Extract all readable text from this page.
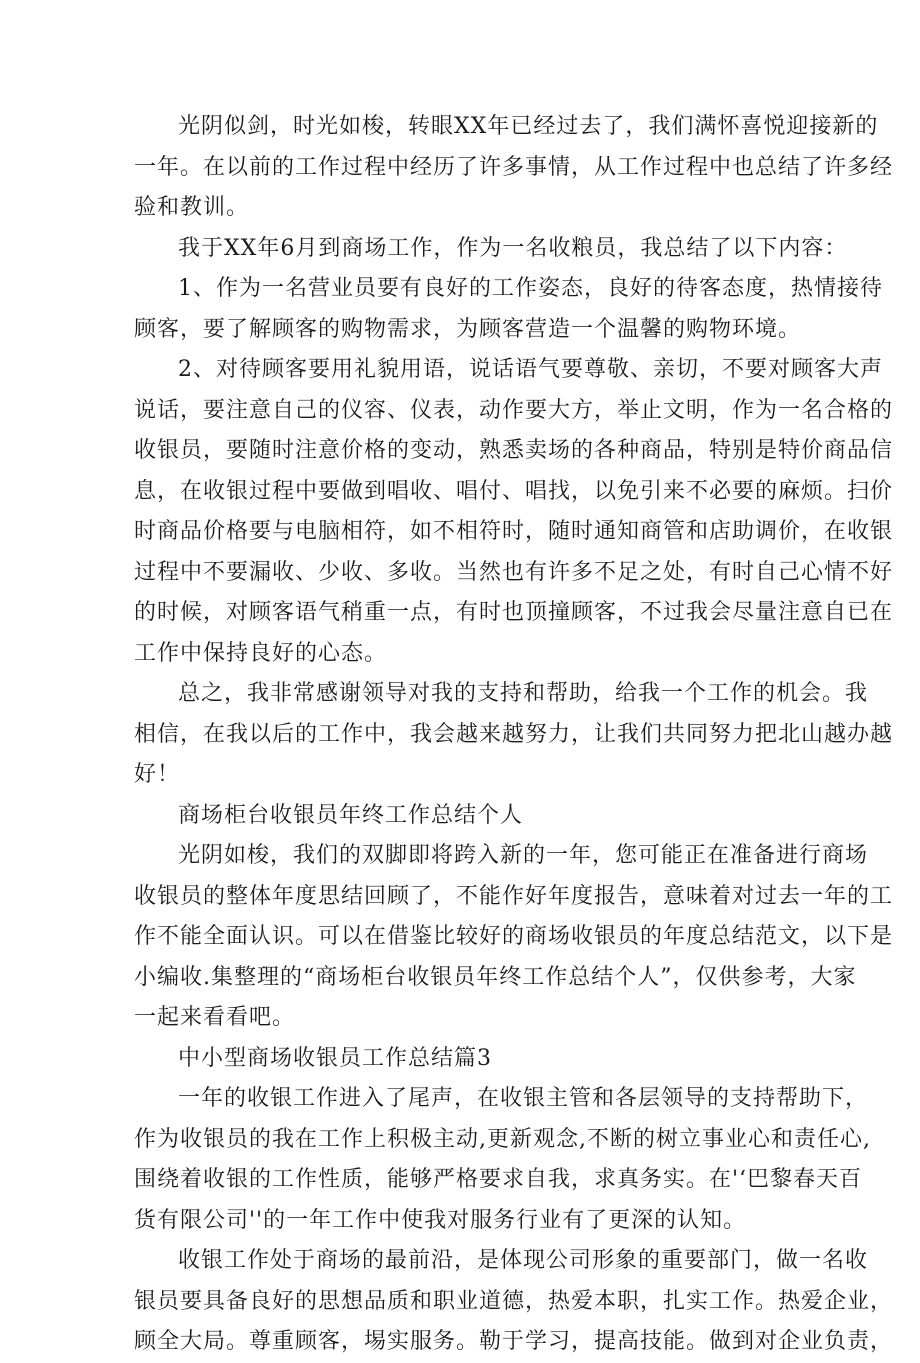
光阴似剑，时光如梭，转眼XX年已经过去了，我们满怀喜悦迎接新的
一年。在以前的工作过程中经历了许多事情，从工作过程中也总结了许多经
验和教训。
我于XX年6月到商场工作，作为一名收粮员，我总结了以下内容：
1、作为一名营业员要有良好的工作姿态，良好的待客态度，热情接待
顾客，要了解顾客的购物需求，为顾客营造一个温馨的购物环境。
2、对待顾客要用礼貌用语，说话语气要尊敬、亲切，不要对顾客大声
说话，要注意自己的仪容、仪表，动作要大方，举止文明，作为一名合格的
收银员，要随时注意价格的变动，熟悉卖场的各种商品，特别是特价商品信
息，在收银过程中要做到唱收、唱付、唱找，以免引来不必要的麻烦。扫价
时商品价格要与电脑相符，如不相符时，随时通知商管和店助调价，在收银
过程中不要漏收、少收、多收。当然也有许多不足之处，有时自己心情不好
的时候，对顾客语气稍重一点，有时也顶撞顾客，不过我会尽量注意自已在
工作中保持良好的心态。
总之，我非常感谢领导对我的支持和帮助，给我一个工作的机会。我
相信，在我以后的工作中，我会越来越努力，让我们共同努力把北山越办越
好！
商场柜台收银员年终工作总结个人
光阴如梭，我们的双脚即将跨入新的一年，您可能正在准备进行商场
收银员的整体年度思结回顾了，不能作好年度报告，意味着对过去一年的工
作不能全面认识。可以在借鉴比较好的商场收银员的年度总结范文，以下是
小编收.集整理的“商场柜台收银员年终工作总结个人”，仅供参考，大家
一起来看看吧。
中小型商场收银员工作总结篇3
一年的收银工作进入了尾声，在收银主管和各层领导的支持帮助下，
作为收银员的我在工作上积极主动,更新观念,不断的树立事业心和责任心,
围绕着收银的工作性质，能够严格要求自我，求真务实。在'‘巴黎春天百
货有限公司''的一年工作中使我对服务行业有了更深的认知。
收银工作处于商场的最前沿，是体现公司形象的重要部门，做一名收
银员要具备良好的思想品质和职业道德，热爱本职，扎实工作。热爱企业，
顾全大局。尊重顾客，埸实服务。勒于学习，提高技能。做到对企业负责，
